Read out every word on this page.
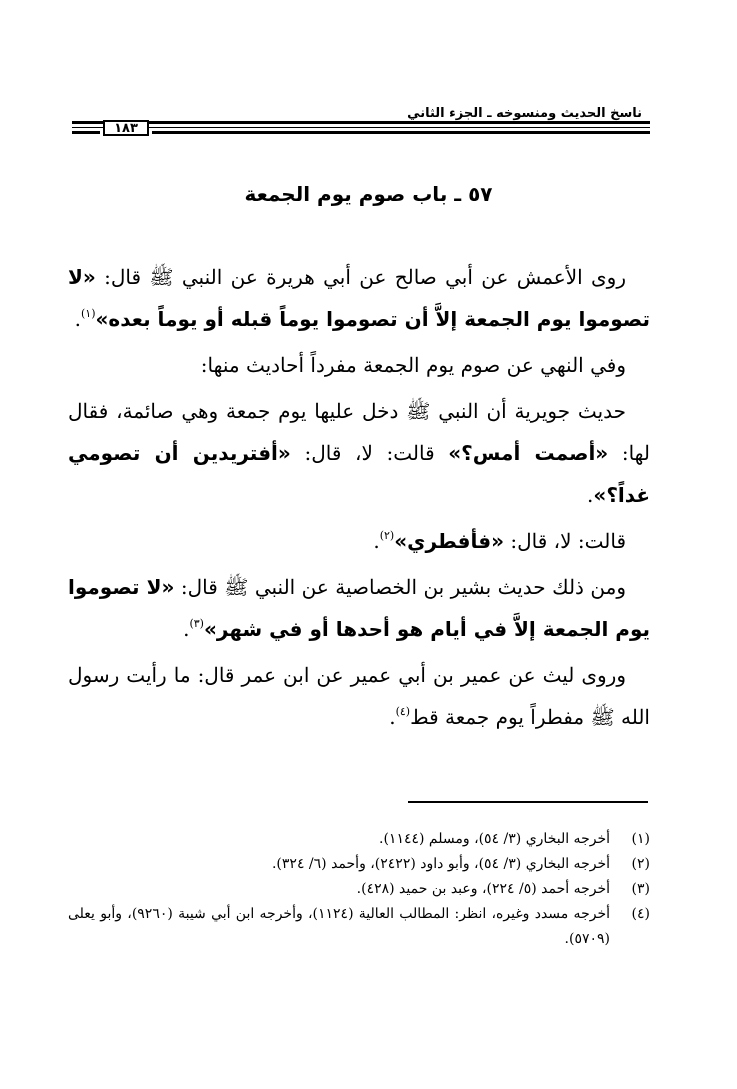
ناسخ الحديث ومنسوخه ـ الجزء الثاني
١٨٣
٥٧ ـ باب صوم يوم الجمعة

روى الأعمش عن أبي صالح عن أبي هريرة عن النبي ﷺ قال: «لا تصوموا يوم الجمعة إلاَّ أن تصوموا يوماً قبله أو يوماً بعده»$^{(١)}$.

وفي النهي عن صوم يوم الجمعة مفرداً أحاديث منها:

حديث جويرية أن النبي ﷺ دخل عليها يوم جمعة وهي صائمة، فقال لها: «أصمت أمس؟» قالت: لا، قال: «أفتريدين أن تصومي غداً؟».

قالت: لا، قال: «فأفطري»$^{(٢)}$.

ومن ذلك حديث بشير بن الخصاصية عن النبي ﷺ قال: «لا تصوموا يوم الجمعة إلاَّ في أيام هو أحدها أو في شهر»$^{(٣)}$.

وروى ليث عن عمير بن أبي عمير عن ابن عمر قال: ما رأيت رسول الله ﷺ مفطراً يوم جمعة قط$^{(٤)}$.

(١)
أخرجه البخاري (٣/ ٥٤)، ومسلم (١١٤٤).
(٢)
أخرجه البخاري (٣/ ٥٤)، وأبو داود (٢٤٢٢)، وأحمد (٦/ ٣٢٤).
(٣)
أخرجه أحمد (٥/ ٢٢٤)، وعبد بن حميد (٤٢٨).
(٤)
أخرجه مسدد وغيره، انظر: المطالب العالية (١١٢٤)، وأخرجه ابن أبي شيبة (٩٢٦٠)، وأبو يعلى (٥٧٠٩).
